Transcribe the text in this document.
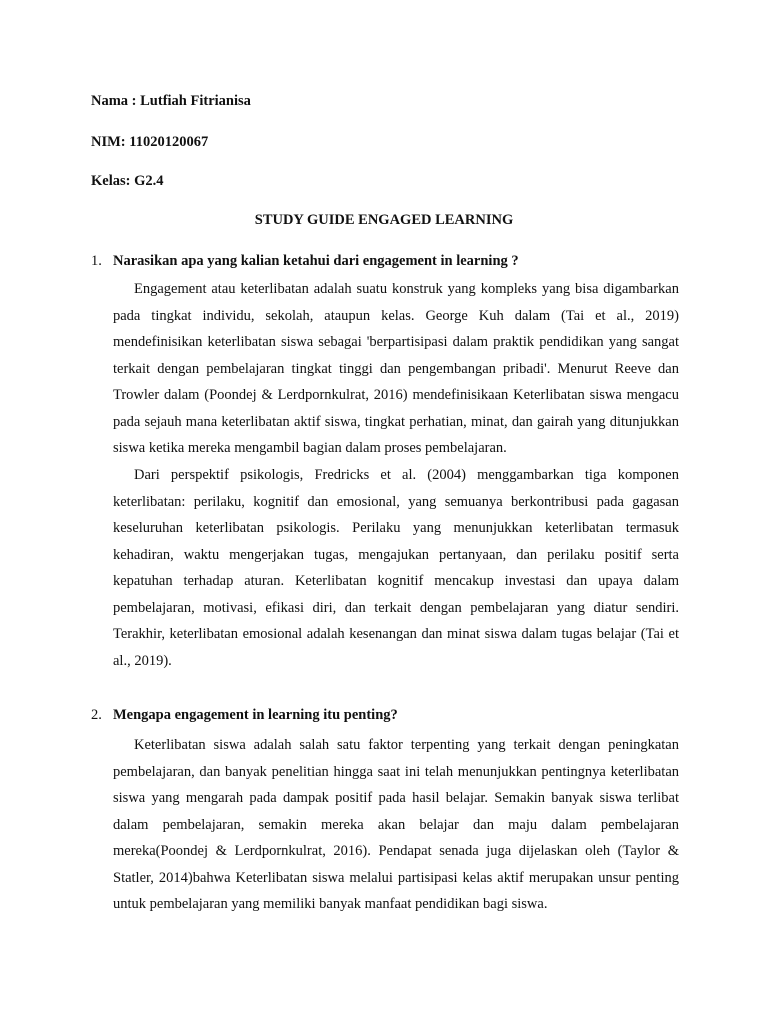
Nama : Lutfiah Fitrianisa
NIM: 11020120067
Kelas: G2.4
STUDY GUIDE ENGAGED LEARNING
1. Narasikan apa yang kalian ketahui dari engagement in learning ?

Engagement atau keterlibatan adalah suatu konstruk yang kompleks yang bisa digambarkan pada tingkat individu, sekolah, ataupun kelas. George Kuh dalam (Tai et al., 2019) mendefinisikan keterlibatan siswa sebagai 'berpartisipasi dalam praktik pendidikan yang sangat terkait dengan pembelajaran tingkat tinggi dan pengembangan pribadi'. Menurut Reeve dan Trowler dalam (Poondej & Lerdpornkulrat, 2016) mendefinisikaan Keterlibatan siswa mengacu pada sejauh mana keterlibatan aktif siswa, tingkat perhatian, minat, dan gairah yang ditunjukkan siswa ketika mereka mengambil bagian dalam proses pembelajaran.

Dari perspektif psikologis, Fredricks et al. (2004) menggambarkan tiga komponen keterlibatan: perilaku, kognitif dan emosional, yang semuanya berkontribusi pada gagasan keseluruhan keterlibatan psikologis. Perilaku yang menunjukkan keterlibatan termasuk kehadiran, waktu mengerjakan tugas, mengajukan pertanyaan, dan perilaku positif serta kepatuhan terhadap aturan. Keterlibatan kognitif mencakup investasi dan upaya dalam pembelajaran, motivasi, efikasi diri, dan terkait dengan pembelajaran yang diatur sendiri. Terakhir, keterlibatan emosional adalah kesenangan dan minat siswa dalam tugas belajar (Tai et al., 2019).

2. Mengapa engagement in learning itu penting?

Keterlibatan siswa adalah salah satu faktor terpenting yang terkait dengan peningkatan pembelajaran, dan banyak penelitian hingga saat ini telah menunjukkan pentingnya keterlibatan siswa yang mengarah pada dampak positif pada hasil belajar. Semakin banyak siswa terlibat dalam pembelajaran, semakin mereka akan belajar dan maju dalam pembelajaran mereka(Poondej & Lerdpornkulrat, 2016). Pendapat senada juga dijelaskan oleh (Taylor & Statler, 2014)bahwa Keterlibatan siswa melalui partisipasi kelas aktif merupakan unsur penting untuk pembelajaran yang memiliki banyak manfaat pendidikan bagi siswa.
